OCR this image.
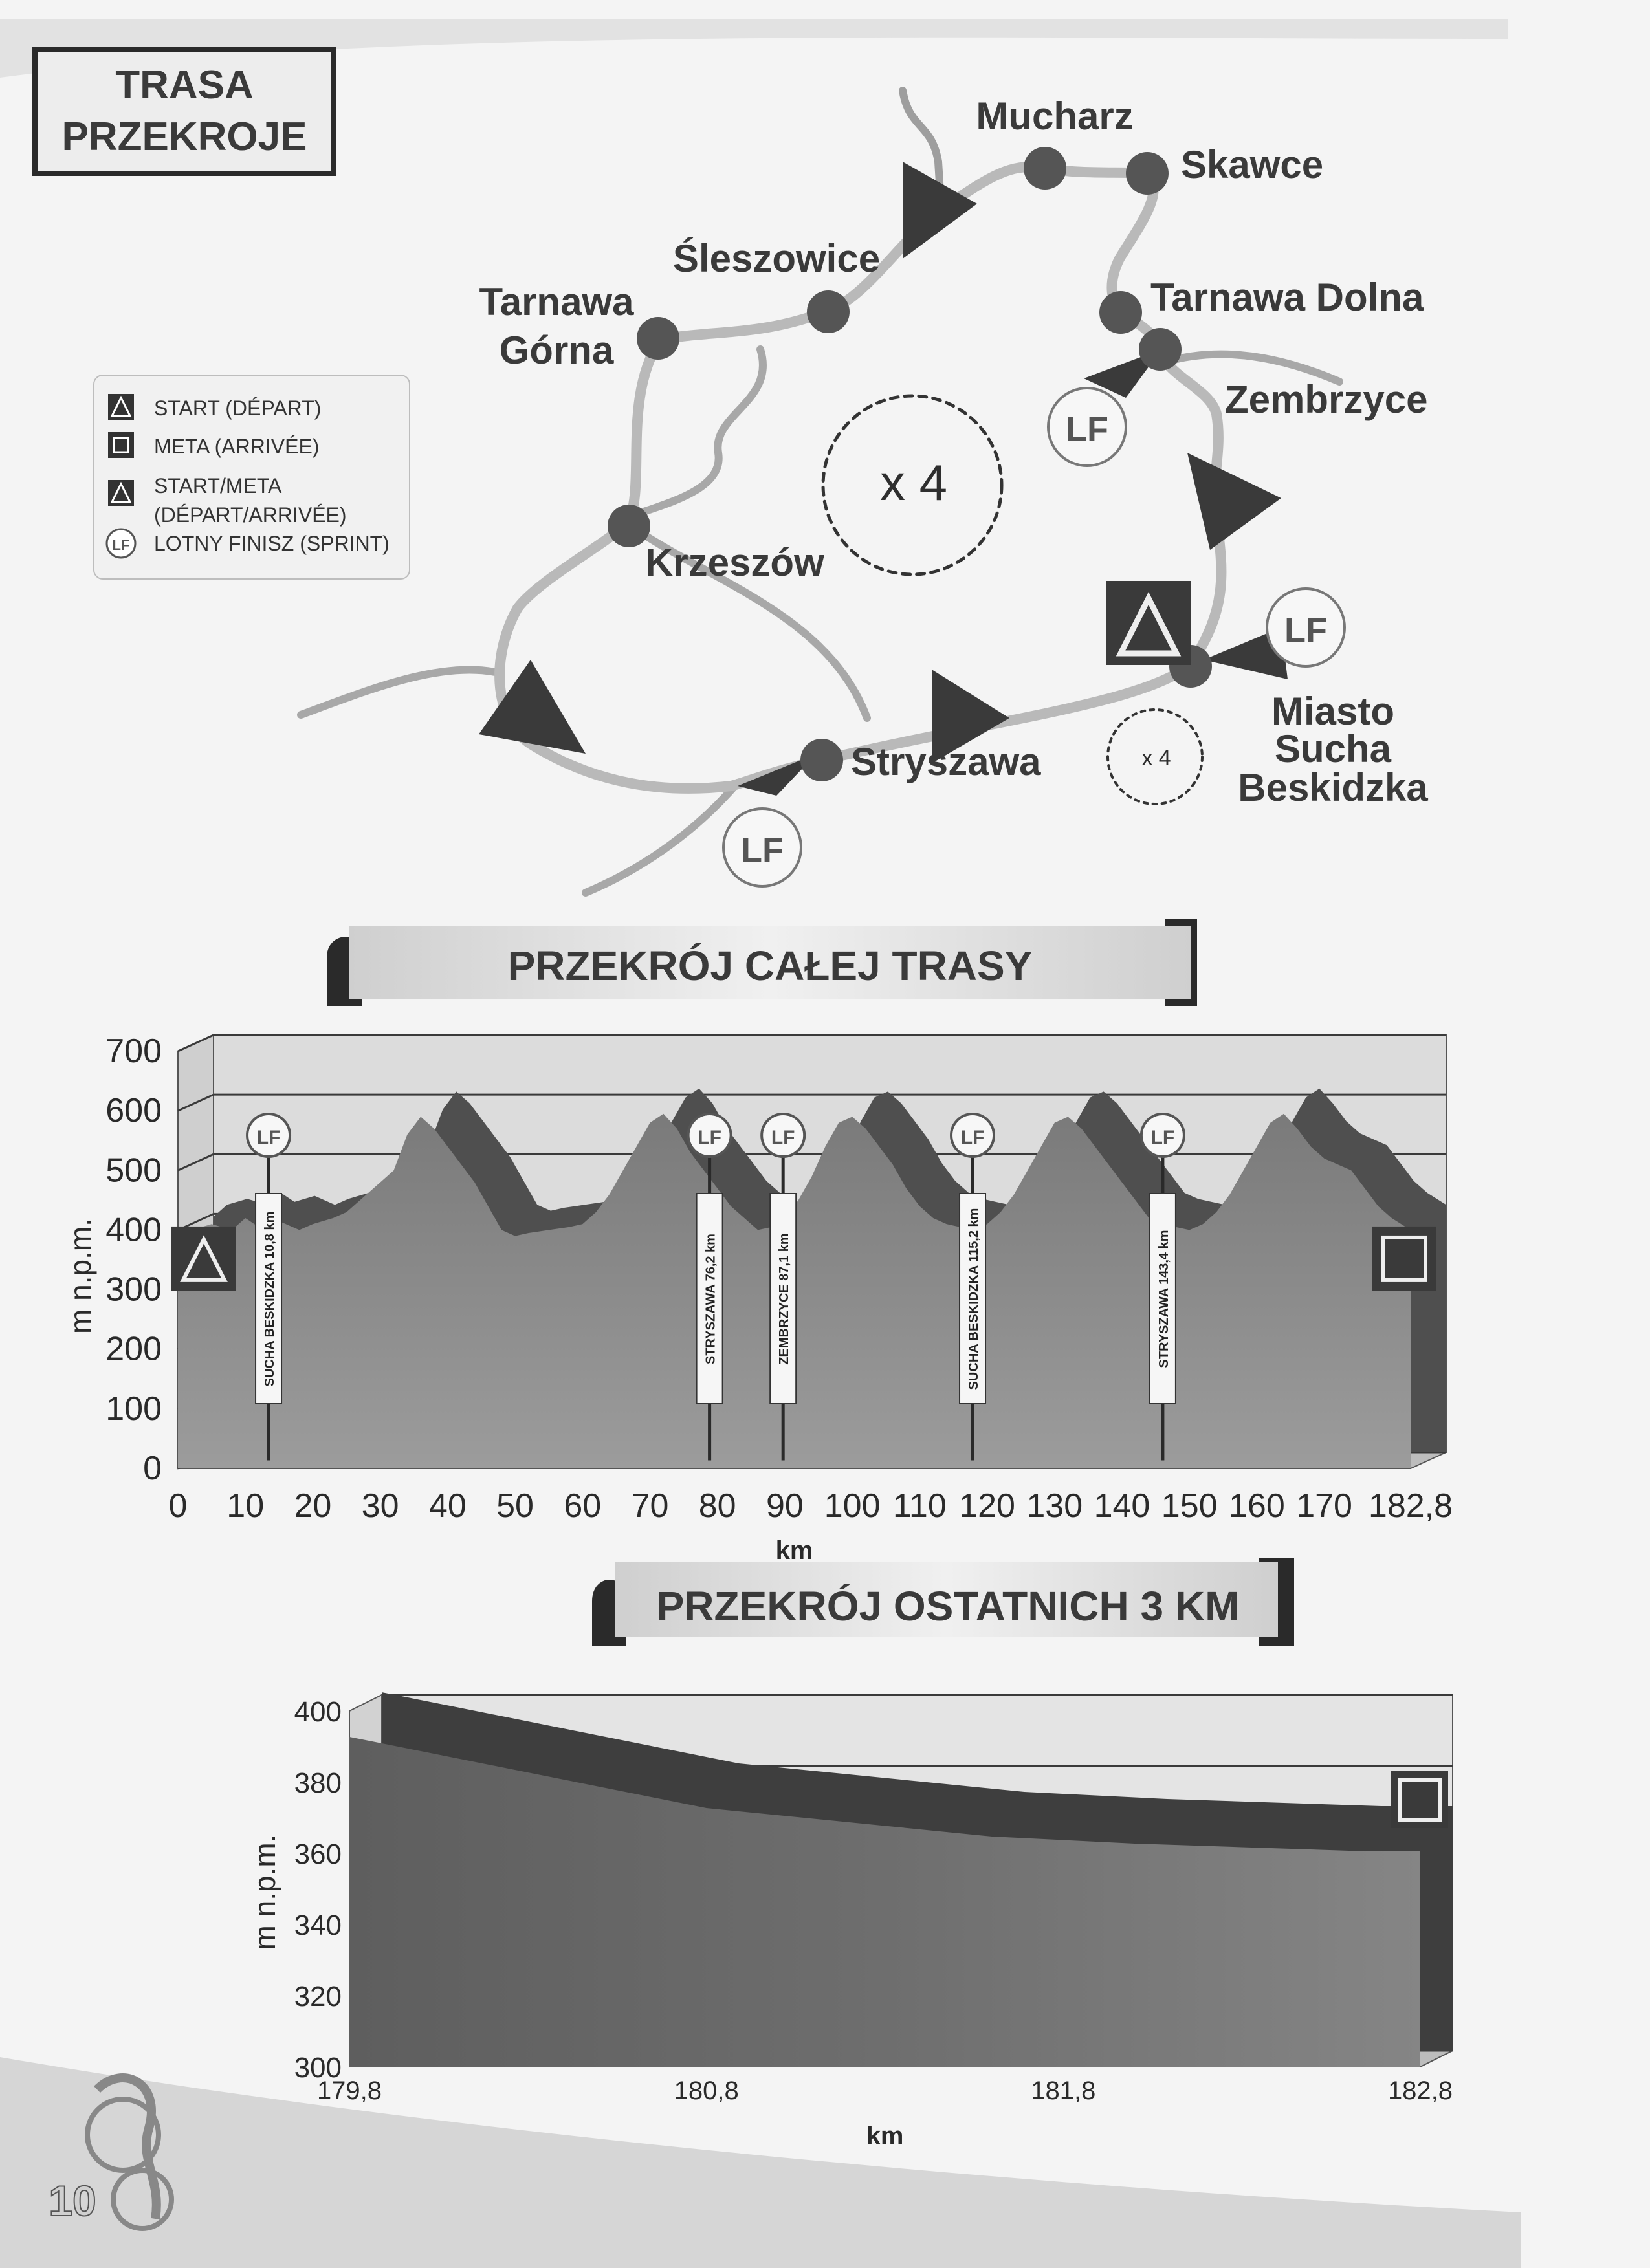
TRASA
PRZEKROJE
START (DÉPART)
META (ARRIVÉE)
START/META
(DÉPART/ARRIVÉE)
LF LOTNY FINISZ (SPRINT)
x 4
x 4
Mucharz
Skawce
Śleszowice
Tarnawa
Górna
Tarnawa Dolna
Zembrzyce
Krzeszów
Stryszawa
Miasto
Sucha
Beskidzka
LF
LF
LF
PRZEKRÓJ CAŁEJ TRASY
PRZEKRÓJ OSTATNICH 3 KM
0
100
200
300
400
500
600
700
0 10 20 30 40 50 60 70 80 90 100 110 120 130 140 150 160 170 182,8
km
m n.p.m.	SUCHA BESKIDZKA 10,8 km
LF
STRYSZAWA 76,2 km
LF
ZEMBRZYCE 87,1 km
LF
SUCHA BESKIDZKA 115,2 km
LF
STRYSZAWA 143,4 km
LF
300
320
340
360
380
400
179,8	180,8	181,8	182,8
km
m n.p.m.
10
